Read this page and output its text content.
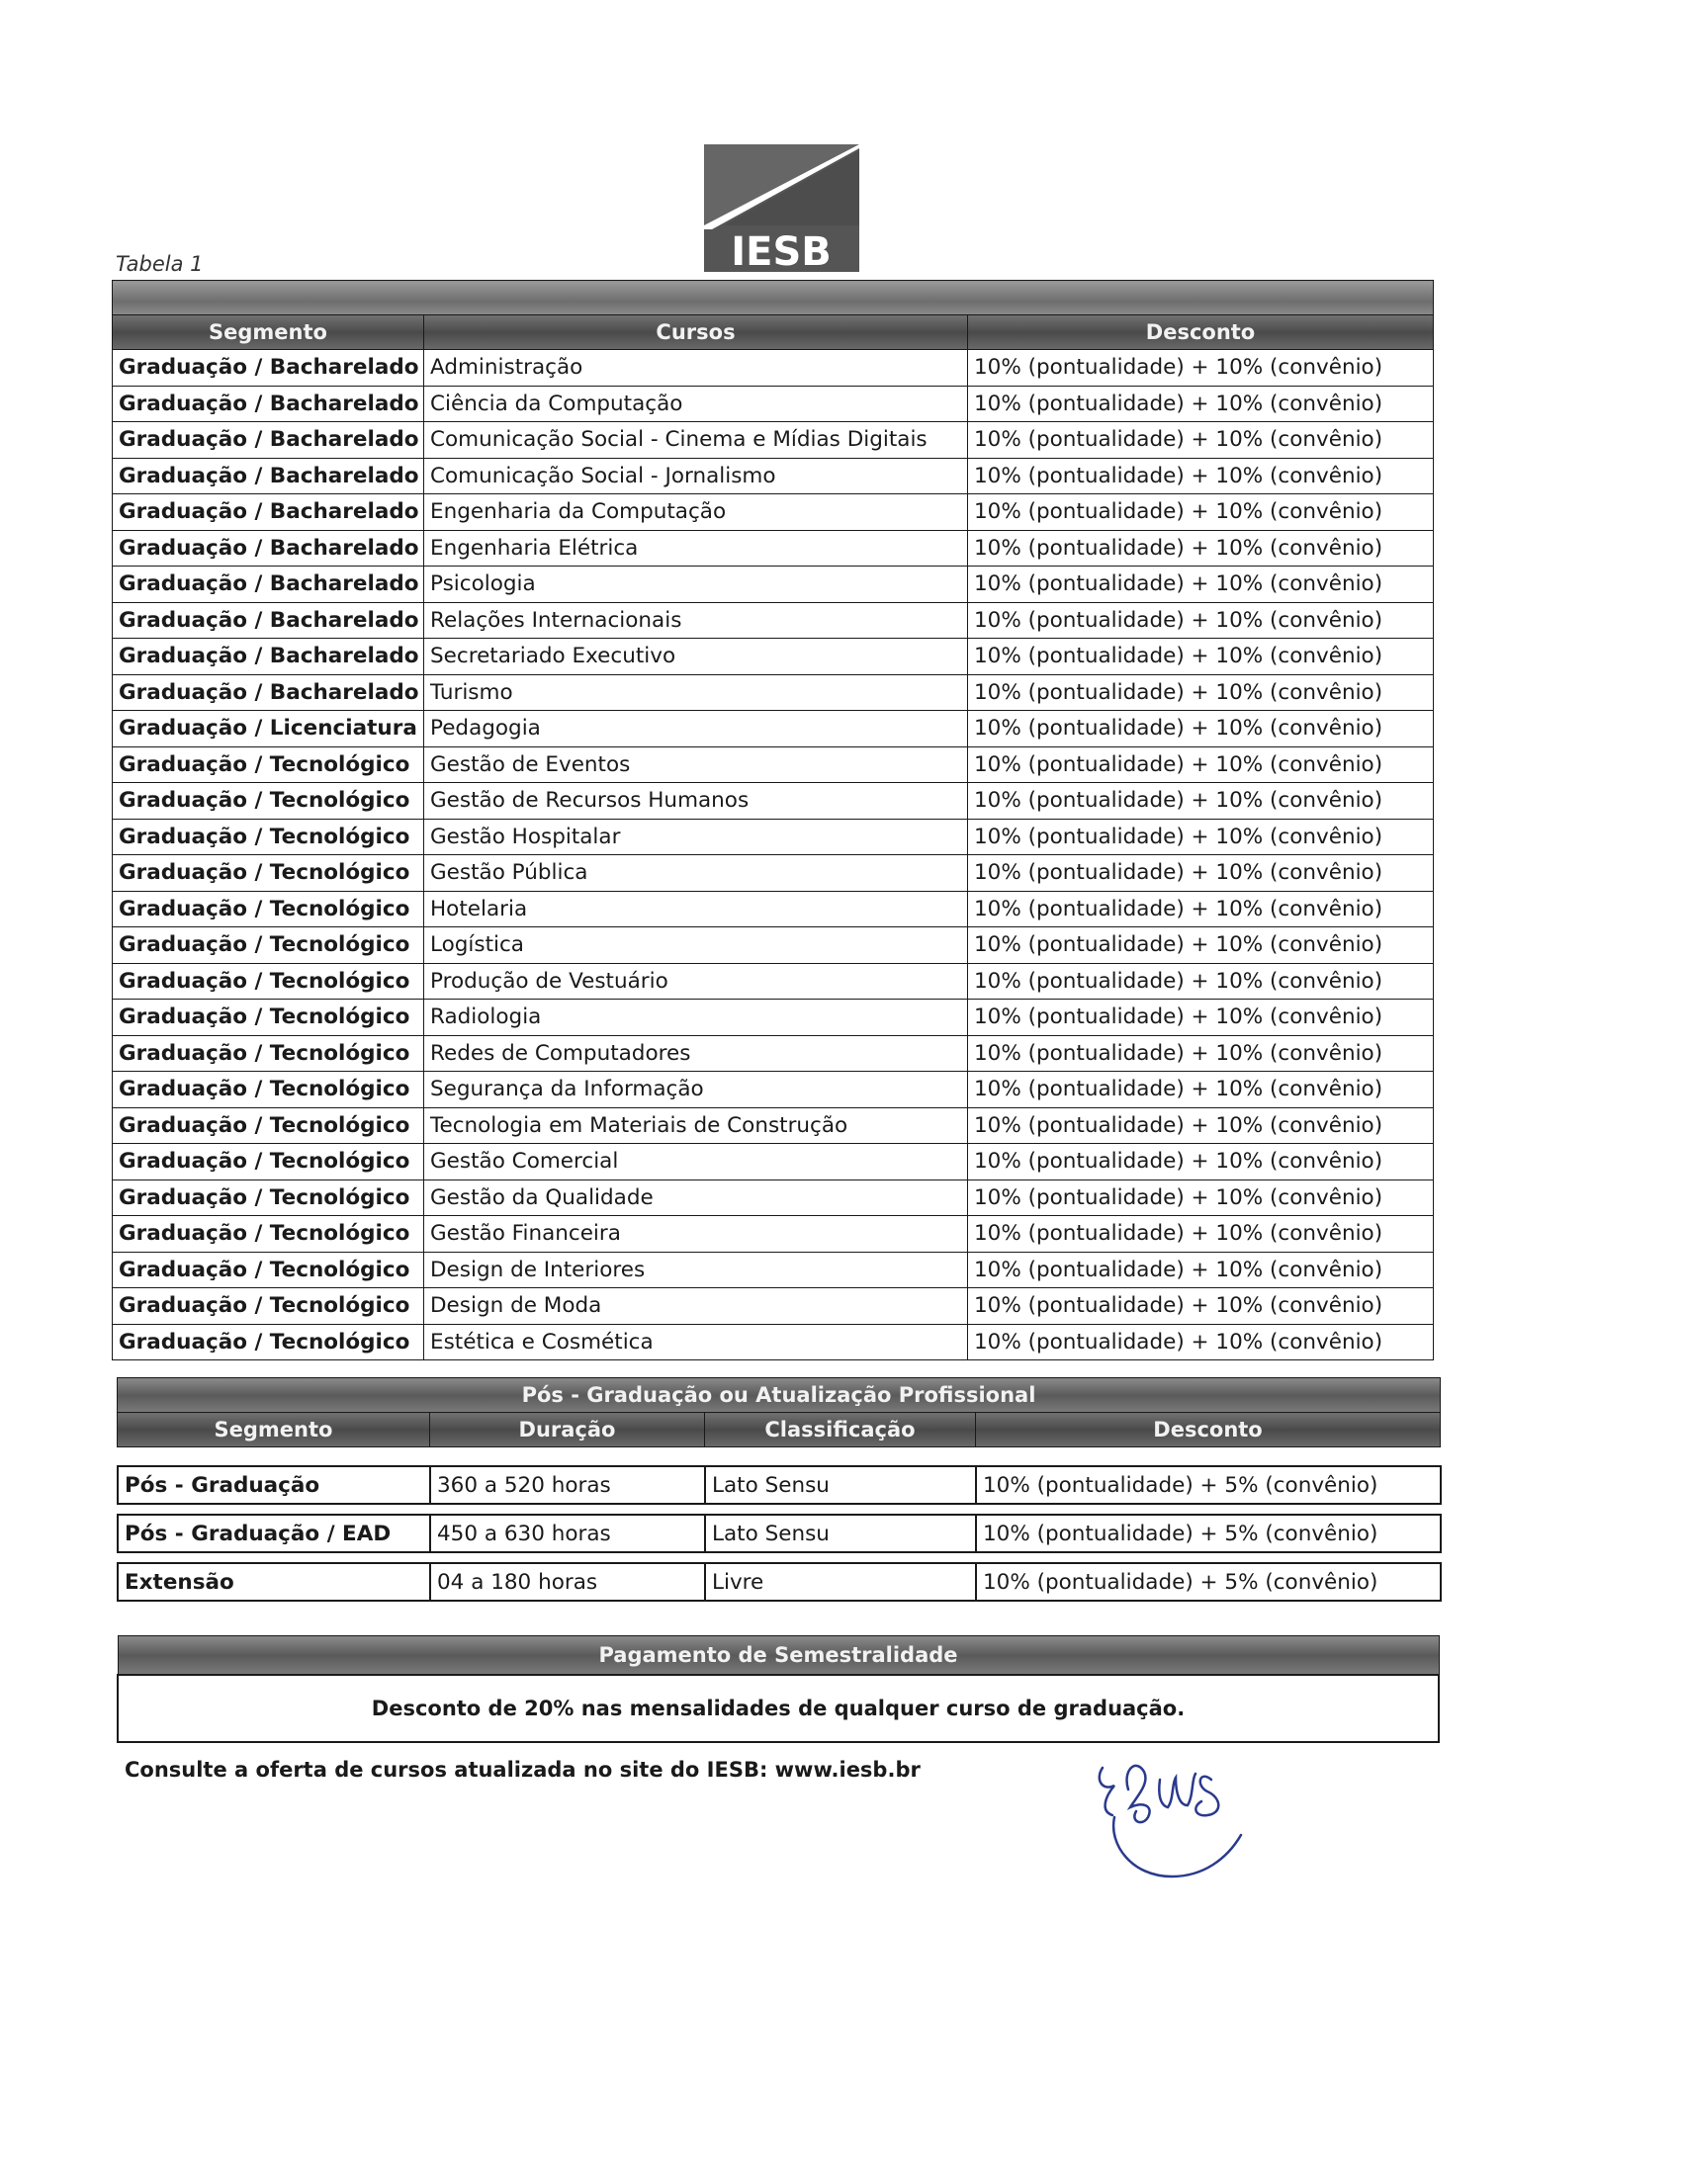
IESB
Tabela 1

Segmento	Cursos	Desconto
Graduação / Bacharelado	Administração	10% (pontualidade) + 10% (convênio)
Graduação / Bacharelado	Ciência da Computação	10% (pontualidade) + 10% (convênio)
Graduação / Bacharelado	Comunicação Social - Cinema e Mídias Digitais	10% (pontualidade) + 10% (convênio)
Graduação / Bacharelado	Comunicação Social - Jornalismo	10% (pontualidade) + 10% (convênio)
Graduação / Bacharelado	Engenharia da Computação	10% (pontualidade) + 10% (convênio)
Graduação / Bacharelado	Engenharia Elétrica	10% (pontualidade) + 10% (convênio)
Graduação / Bacharelado	Psicologia	10% (pontualidade) + 10% (convênio)
Graduação / Bacharelado	Relações Internacionais	10% (pontualidade) + 10% (convênio)
Graduação / Bacharelado	Secretariado Executivo	10% (pontualidade) + 10% (convênio)
Graduação / Bacharelado	Turismo	10% (pontualidade) + 10% (convênio)
Graduação / Licenciatura	Pedagogia	10% (pontualidade) + 10% (convênio)
Graduação / Tecnológico	Gestão de Eventos	10% (pontualidade) + 10% (convênio)
Graduação / Tecnológico	Gestão de Recursos Humanos	10% (pontualidade) + 10% (convênio)
Graduação / Tecnológico	Gestão Hospitalar	10% (pontualidade) + 10% (convênio)
Graduação / Tecnológico	Gestão Pública	10% (pontualidade) + 10% (convênio)
Graduação / Tecnológico	Hotelaria	10% (pontualidade) + 10% (convênio)
Graduação / Tecnológico	Logística	10% (pontualidade) + 10% (convênio)
Graduação / Tecnológico	Produção de Vestuário	10% (pontualidade) + 10% (convênio)
Graduação / Tecnológico	Radiologia	10% (pontualidade) + 10% (convênio)
Graduação / Tecnológico	Redes de Computadores	10% (pontualidade) + 10% (convênio)
Graduação / Tecnológico	Segurança da Informação	10% (pontualidade) + 10% (convênio)
Graduação / Tecnológico	Tecnologia em Materiais de Construção	10% (pontualidade) + 10% (convênio)
Graduação / Tecnológico	Gestão Comercial	10% (pontualidade) + 10% (convênio)
Graduação / Tecnológico	Gestão da Qualidade	10% (pontualidade) + 10% (convênio)
Graduação / Tecnológico	Gestão Financeira	10% (pontualidade) + 10% (convênio)
Graduação / Tecnológico	Design de Interiores	10% (pontualidade) + 10% (convênio)
Graduação / Tecnológico	Design de Moda	10% (pontualidade) + 10% (convênio)
Graduação / Tecnológico	Estética e Cosmética	10% (pontualidade) + 10% (convênio)
Pós - Graduação ou Atualização Profissional
Segmento	Duração	Classificação	Desconto
Pós - Graduação	360 a 520 horas	Lato Sensu	10% (pontualidade) + 5% (convênio)
Pós - Graduação / EAD	450 a 630 horas	Lato Sensu	10% (pontualidade) + 5% (convênio)
Extensão	04 a 180 horas	Livre	10% (pontualidade) + 5% (convênio)
Pagamento de Semestralidade
Desconto de 20% nas mensalidades de qualquer curso de graduação.
Consulte a oferta de cursos atualizada no site do IESB: www.iesb.br
